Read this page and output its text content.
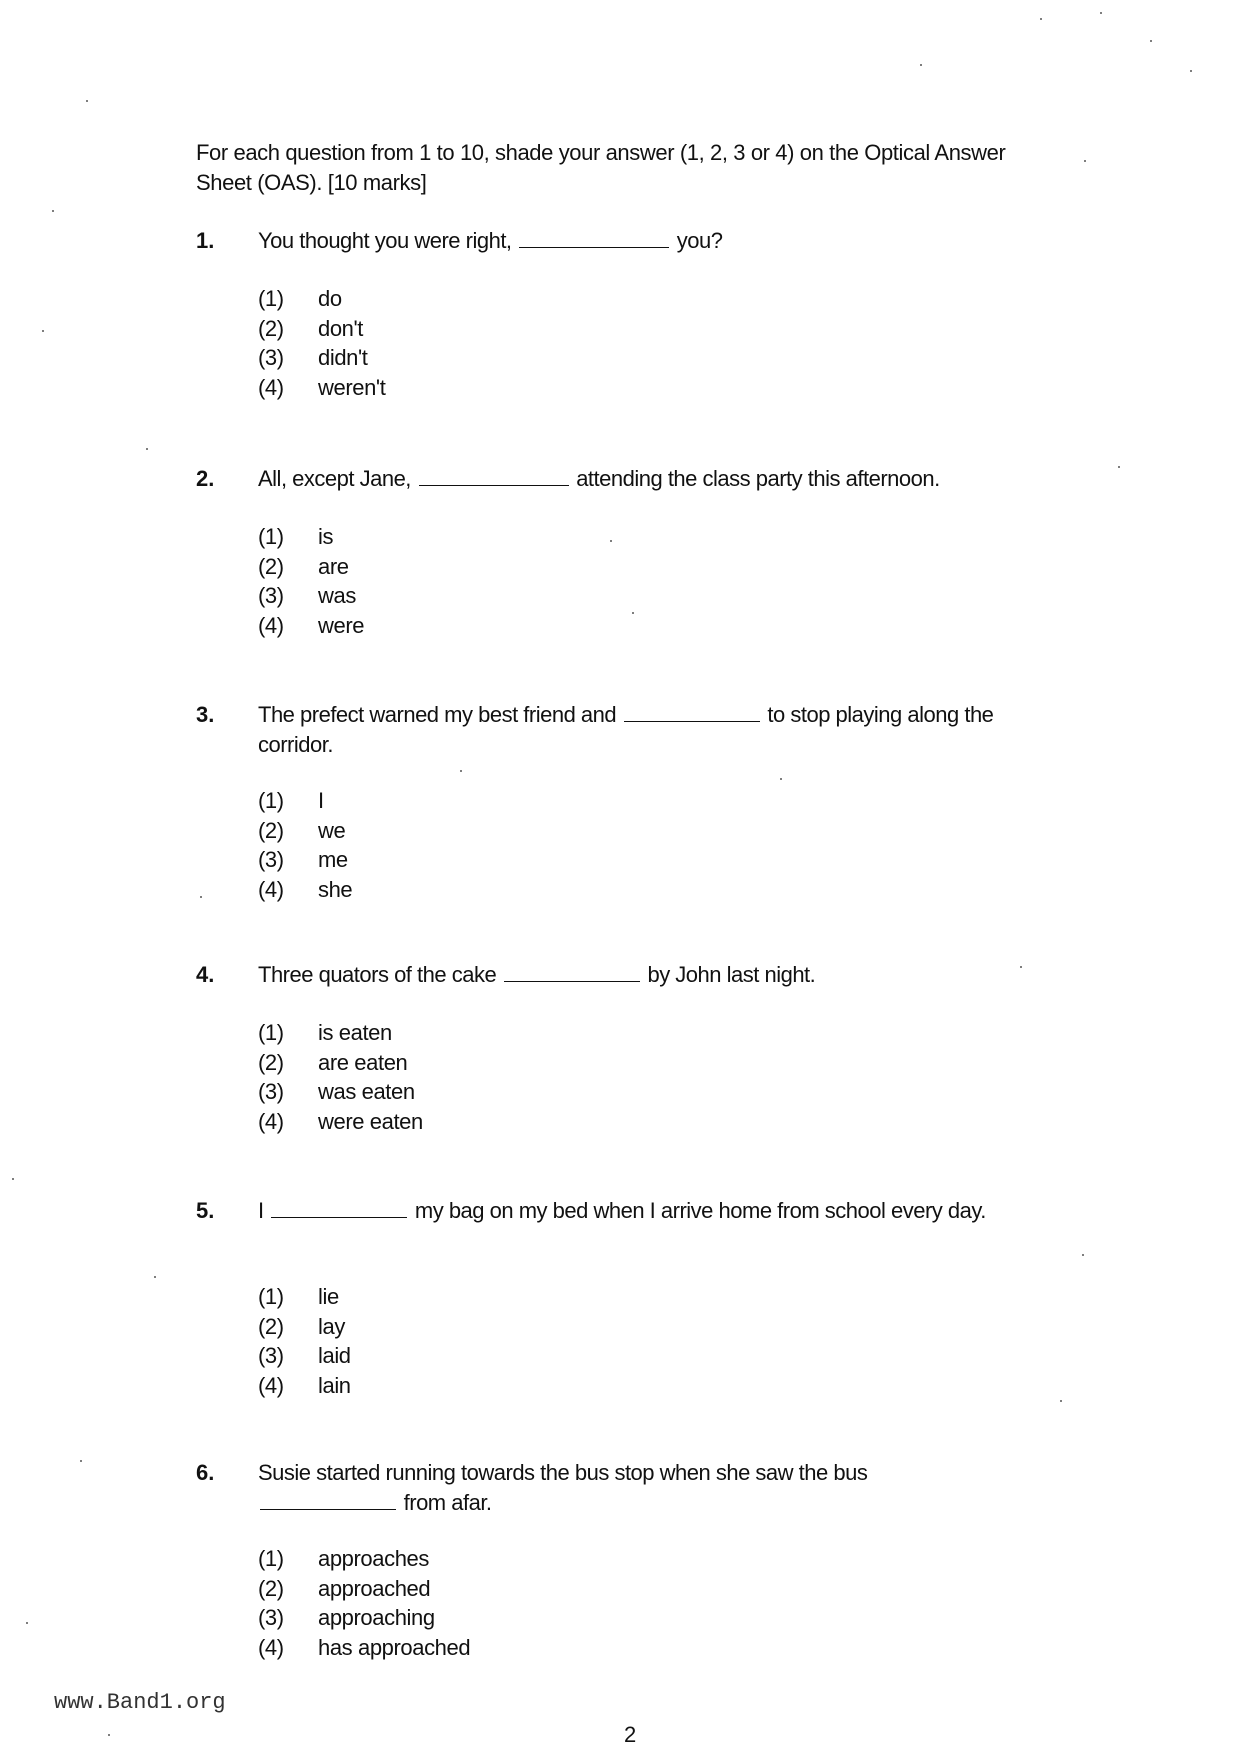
For each question from 1 to 10, shade your answer (1, 2, 3 or 4) on the Optical Answer Sheet (OAS). [10 marks]

1. You thought you were right,	you?
(1)	do
(2)	don't
(3)	didn't
(4)	weren't
2. All, except Jane,	attending the class party this afternoon.
(1)	is
(2)	are
(3)	was
(4)	were
3. The prefect warned my best friend and	to stop playing along the corridor.
(1)	I
(2)	we
(3)	me
(4)	she
4. Three quators of the cake	by John last night.
(1)	is eaten
(2)	are eaten
(3)	was eaten
(4)	were eaten
5. I	my bag on my bed when I arrive home from school every day.
(1)	lie
(2)	lay
(3)	laid
(4)	lain
6. Susie started running towards the bus stop when she saw the bus  from afar.
(1)	approaches
(2)	approached
(3)	approaching
(4)	has approached
www.Band1.org
2
